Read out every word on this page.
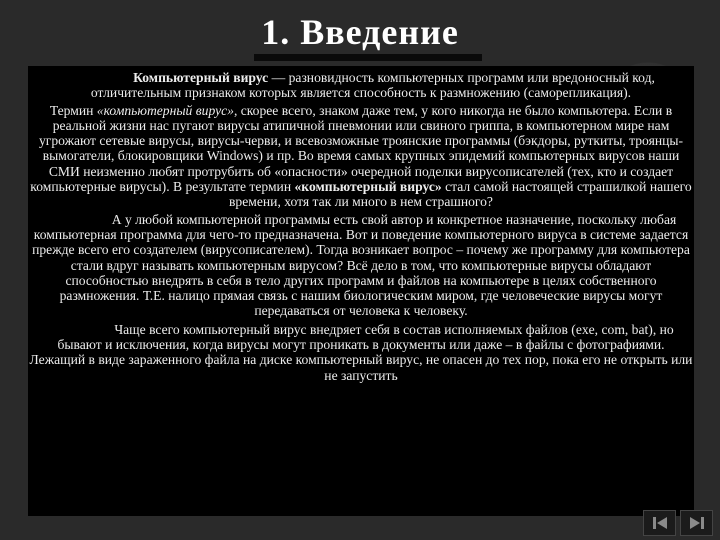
1. Введение

Компьютерный вирус — разновидность компьютерных программ или вредоносный код, отличительным признаком которых является способность к размножению (саморепликация).

Термин «компьютерный вирус», скорее всего, знаком даже тем, у кого никогда не было компьютера. Если в реальной жизни нас пугают вирусы атипичной пневмонии или свиного гриппа, в компьютерном мире нам угрожают сетевые вирусы, вирусы-черви, и всевозможные троянские программы (бэкдоры, руткиты, троянцы-вымогатели, блокировщики Windows) и пр. Во время самых крупных эпидемий компьютерных вирусов наши СМИ неизменно любят протрубить об «опасности» очередной поделки вирусописателей (тех, кто и создает компьютерные вирусы). В результате термин «компьютерный вирус» стал самой настоящей страшилкой нашего времени, хотя так ли много в нем страшного?

А у любой компьютерной программы есть свой автор и конкретное назначение, поскольку любая компьютерная программа для чего-то предназначена. Вот и поведение компьютерного вируса в системе задается прежде всего его создателем (вирусописателем). Тогда возникает вопрос – почему же программу для компьютера стали вдруг называть компьютерным вирусом? Всё дело в том, что компьютерные вирусы обладают способностью внедрять в себя в тело других программ и файлов на компьютере в целях собственного размножения. Т.Е. налицо прямая связь с нашим биологическим миром, где человеческие вирусы могут передаваться от человека к человеку.

Чаще всего компьютерный вирус внедряет себя в состав исполняемых файлов (exe, com, bat), но бывают и исключения, когда вирусы могут проникать в документы или даже – в файлы с фотографиями. Лежащий в виде зараженного файла на диске компьютерный вирус, не опасен до тех пор, пока его не открыть или не запустить
